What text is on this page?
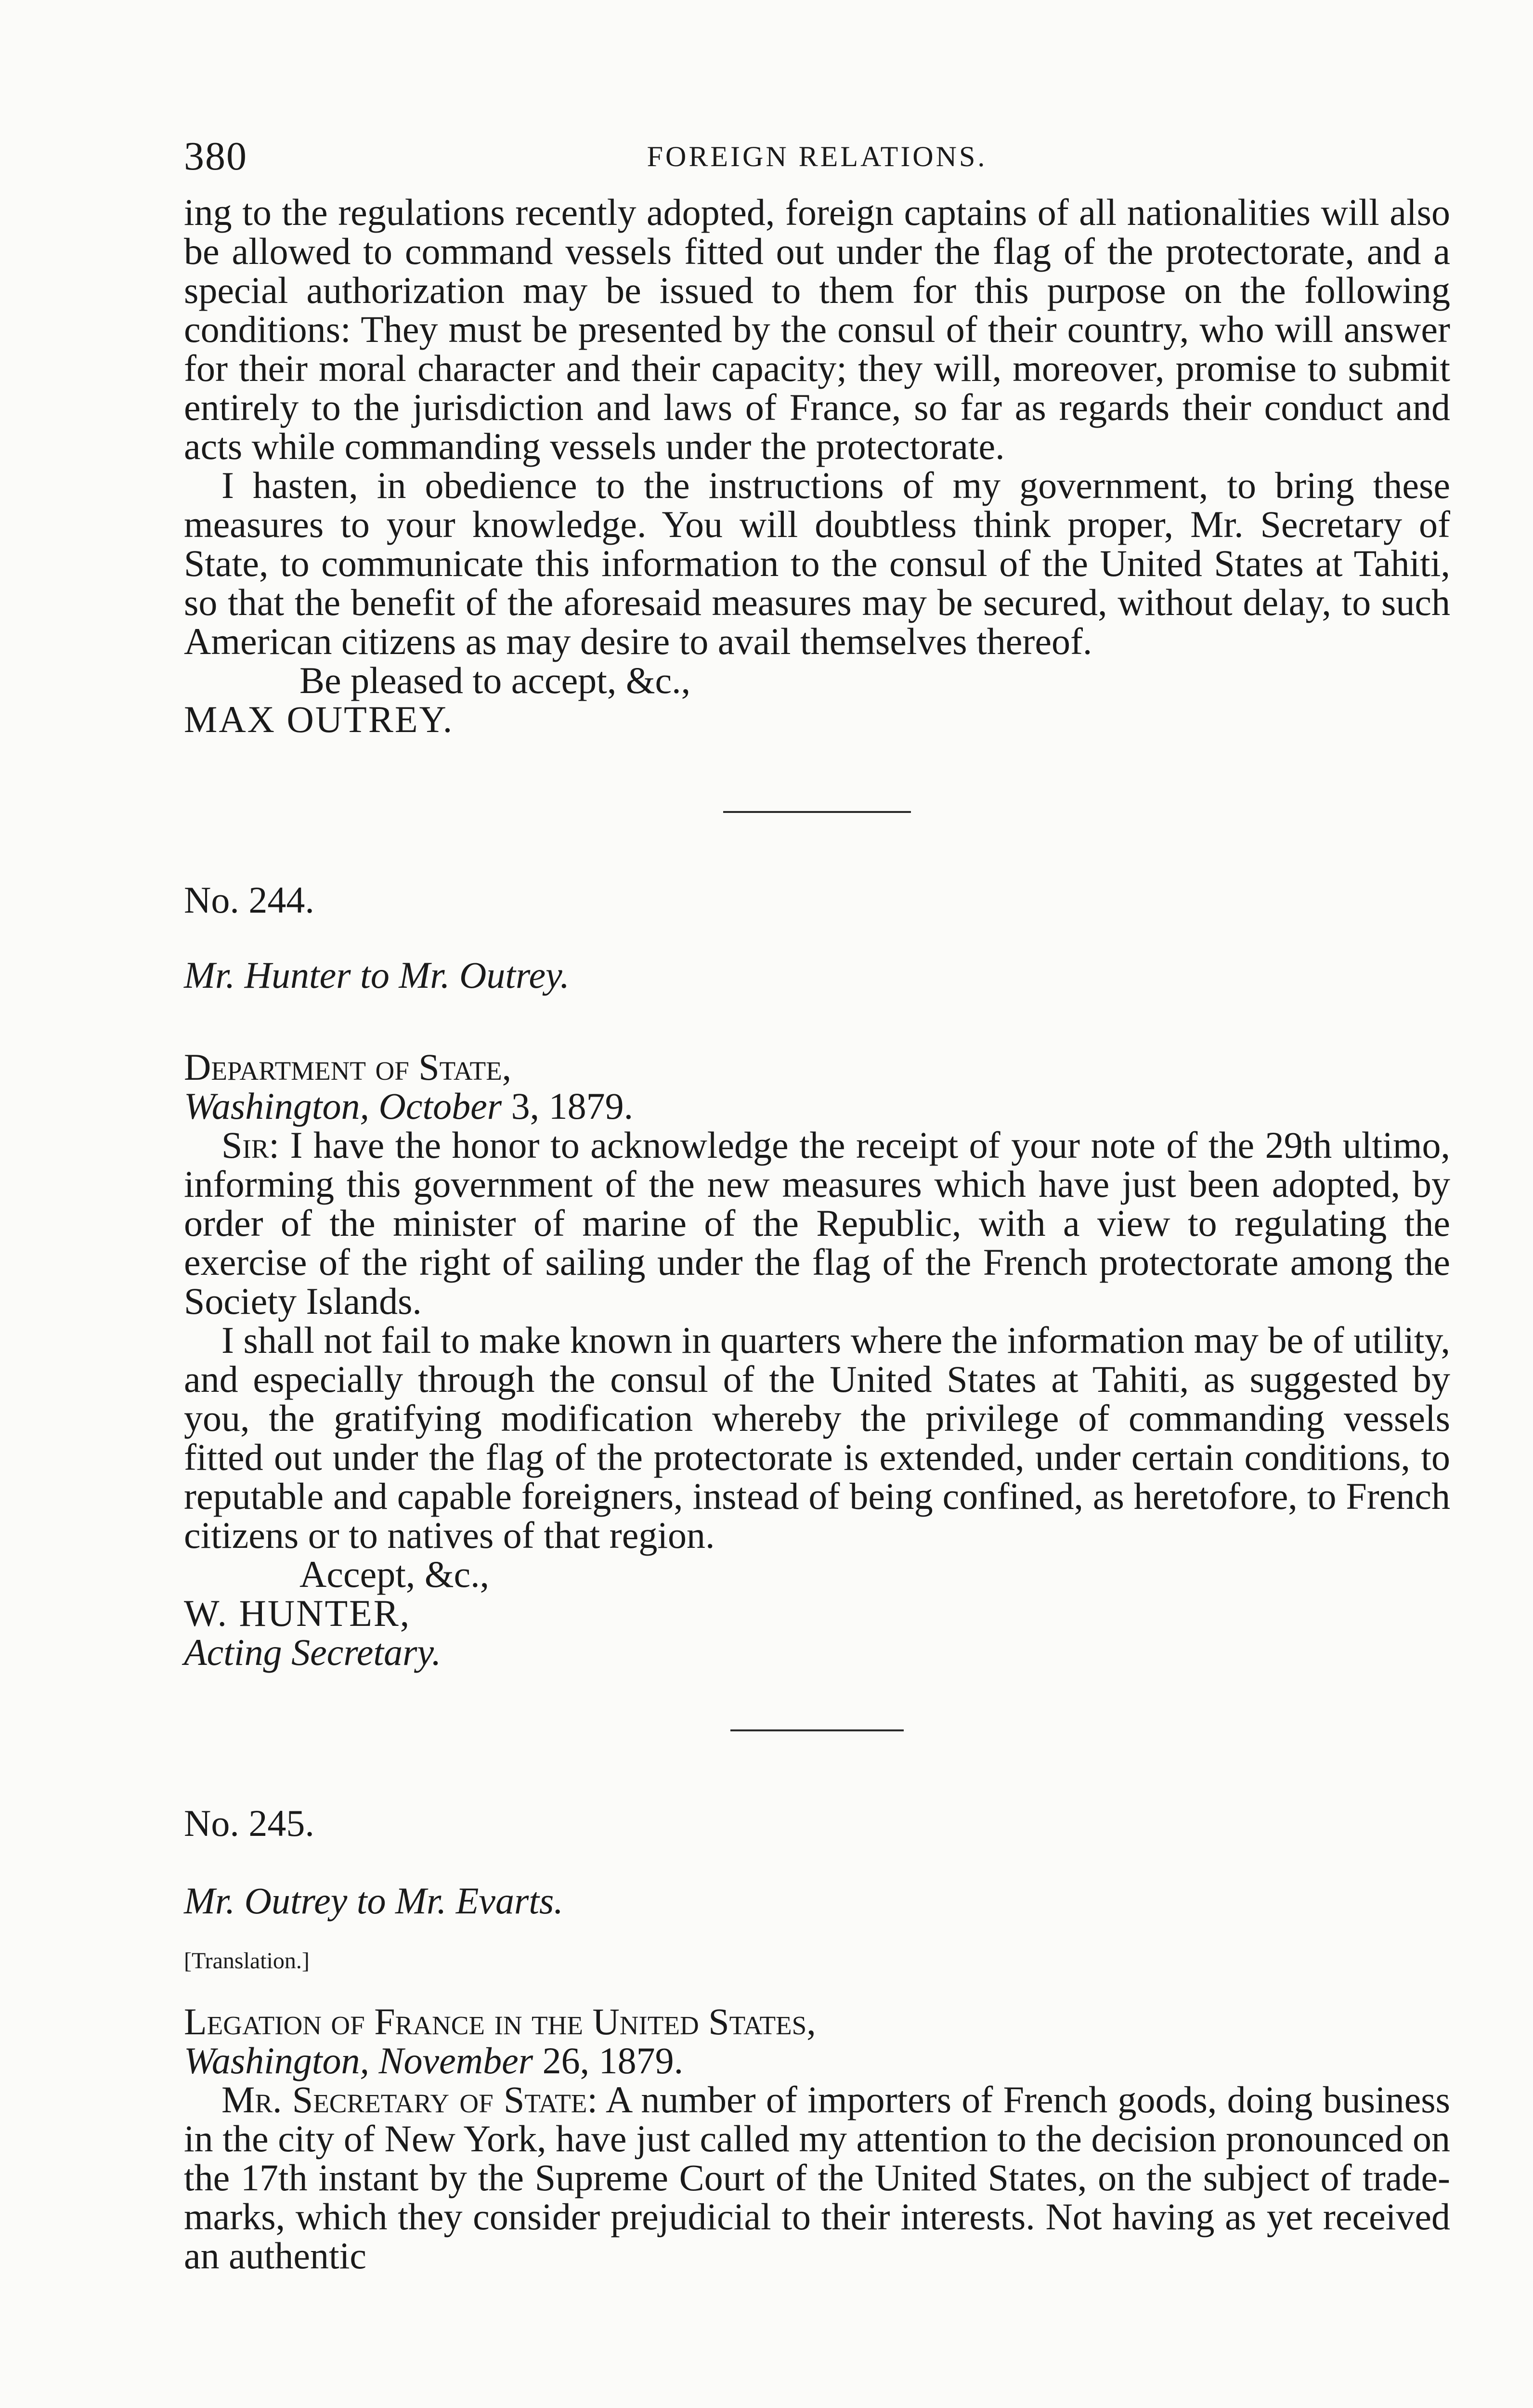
380	FOREIGN RELATIONS.

ing to the regulations recently adopted, foreign captains of all nationalities will also be allowed to command vessels fitted out under the flag of the protectorate, and a special authorization may be issued to them for this purpose on the following conditions: They must be presented by the consul of their country, who will answer for their moral character and their capacity; they will, moreover, promise to submit entirely to the jurisdiction and laws of France, so far as regards their conduct and acts while commanding vessels under the protectorate.

I hasten, in obedience to the instructions of my government, to bring these measures to your knowledge. You will doubtless think proper, Mr. Secretary of State, to communicate this information to the consul of the United States at Tahiti, so that the benefit of the aforesaid measures may be secured, without delay, to such American citizens as may desire to avail themselves thereof.

Be pleased to accept, &c.,

MAX OUTREY.

No. 244.

Mr. Hunter to Mr. Outrey.

Department of State,

Washington, October 3, 1879.

Sir: I have the honor to acknowledge the receipt of your note of the 29th ultimo, informing this government of the new measures which have just been adopted, by order of the minister of marine of the Republic, with a view to regulating the exercise of the right of sailing under the flag of the French protectorate among the Society Islands.

I shall not fail to make known in quarters where the information may be of utility, and especially through the consul of the United States at Tahiti, as suggested by you, the gratifying modification whereby the privilege of commanding vessels fitted out under the flag of the protectorate is extended, under certain conditions, to reputable and capable foreigners, instead of being confined, as heretofore, to French citizens or to natives of that region.

Accept, &c.,

W. HUNTER,

Acting Secretary.

No. 245.

Mr. Outrey to Mr. Evarts.

[Translation.]

Legation of France in the United States,

Washington, November 26, 1879.

Mr. Secretary of State: A number of importers of French goods, doing business in the city of New York, have just called my attention to the decision pronounced on the 17th instant by the Supreme Court of the United States, on the subject of trade-marks, which they consider prejudicial to their interests. Not having as yet received an authentic
